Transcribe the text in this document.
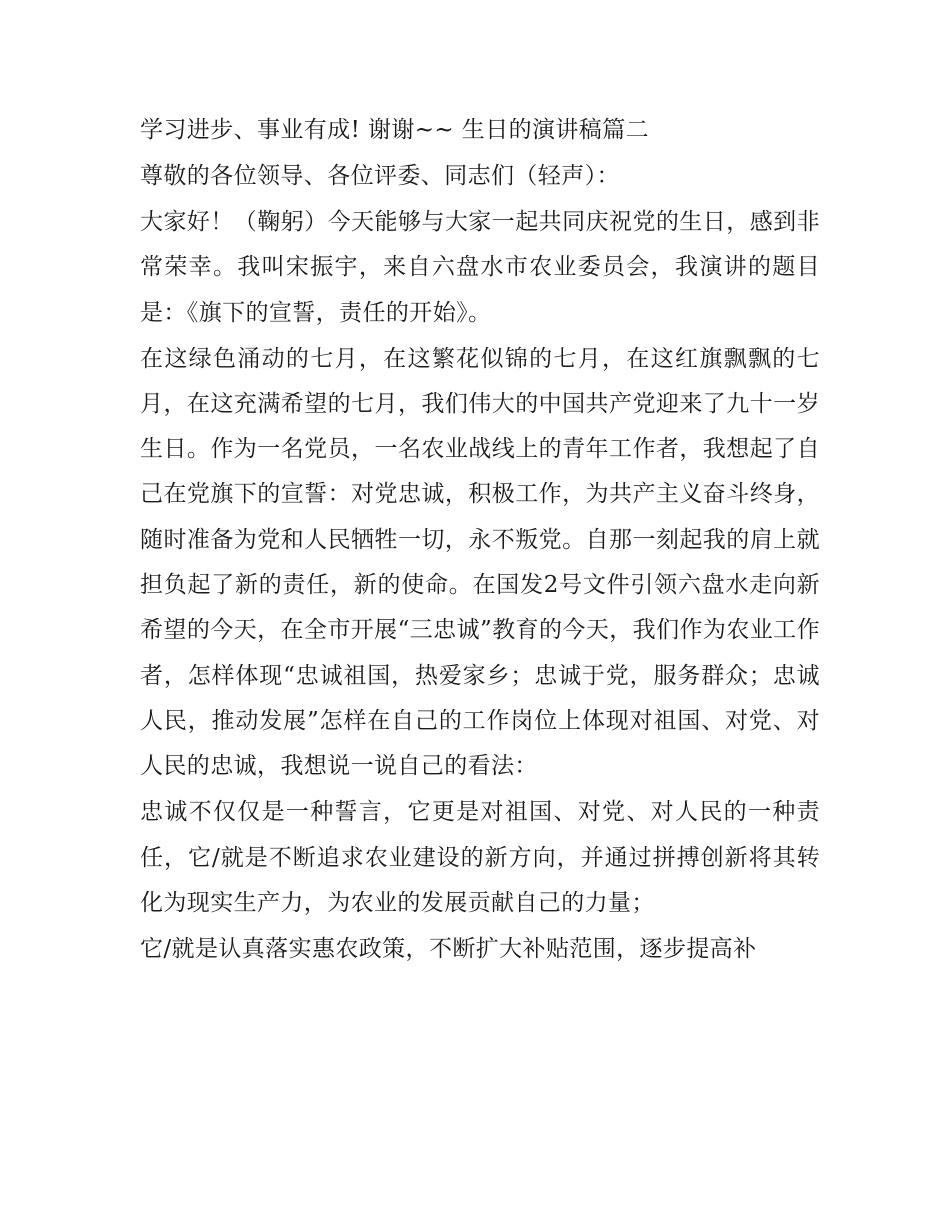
学习进步、事业有成! 谢谢~~ 生日的演讲稿篇二

尊敬的各位领导、各位评委、同志们（轻声）：

大家好！（鞠躬）今天能够与大家一起共同庆祝党的生日，感到非常荣幸。我叫宋振宇，来自六盘水市农业委员会，我演讲的题目是：《旗下的宣誓，责任的开始》。

在这绿色涌动的七月，在这繁花似锦的七月，在这红旗飘飘的七月，在这充满希望的七月，我们伟大的中国共产党迎来了九十一岁生日。作为一名党员，一名农业战线上的青年工作者，我想起了自己在党旗下的宣誓：对党忠诚，积极工作，为共产主义奋斗终身，随时准备为党和人民牺牲一切，永不叛党。自那一刻起我的肩上就担负起了新的责任，新的使命。在国发2号文件引领六盘水走向新希望的今天，在全市开展“三忠诚”教育的今天，我们作为农业工作者，怎样体现“忠诚祖国，热爱家乡；忠诚于党，服务群众；忠诚人民，推动发展”怎样在自己的工作岗位上体现对祖国、对党、对人民的忠诚，我想说一说自己的看法：

忠诚不仅仅是一种誓言，它更是对祖国、对党、对人民的一种责任，它/就是不断追求农业建设的新方向，并通过拼搏创新将其转化为现实生产力，为农业的发展贡献自己的力量；

它/就是认真落实惠农政策，不断扩大补贴范围，逐步提高补
